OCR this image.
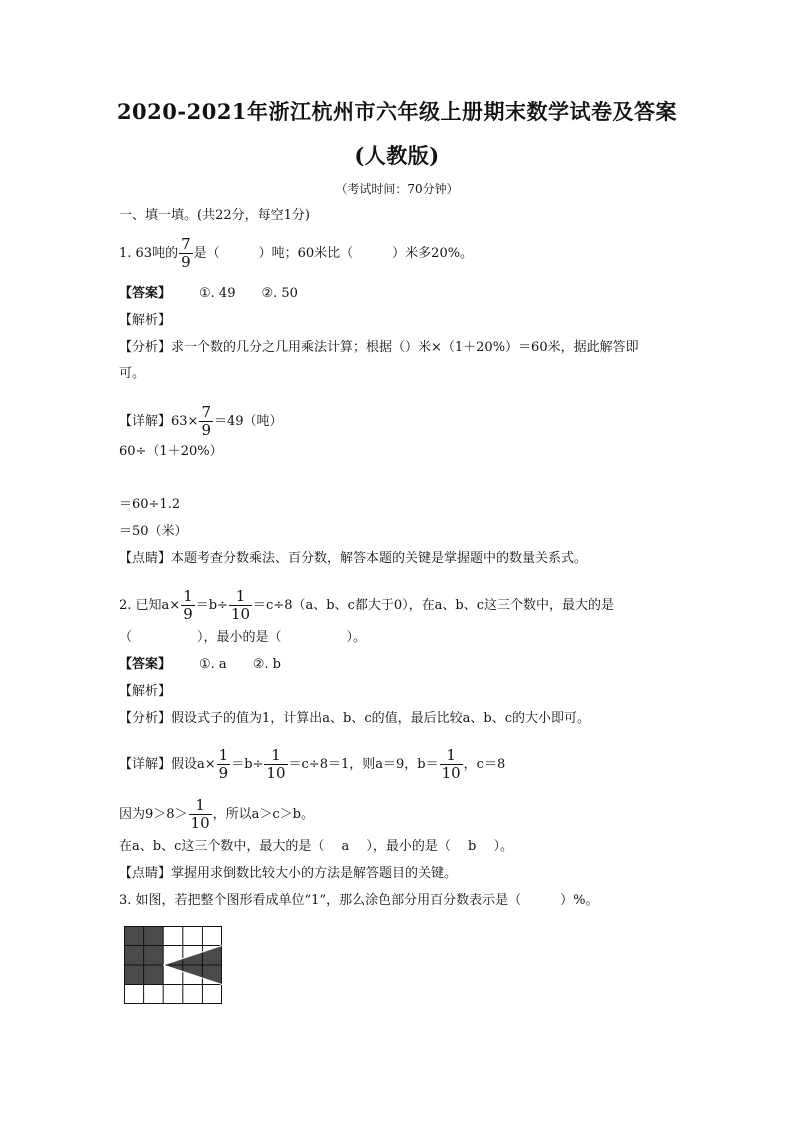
2020-2021年浙江杭州市六年级上册期末数学试卷及答案
(人教版)
（考试时间：70分钟）
一、填一填。(共22分，每空1分)
1. 63吨的 $\frac{7}{9}$ 是（　　　）吨；60米比（　　　）米多20%。
【答案】 ①. 49 ②. 50
【解析】
【分析】求一个数的几分之几用乘法计算；根据（）米×（1＋20%）＝60米，据此解答即
可。
【详解】$63\times \frac{7}{9} =49$（吨）
60÷（1＋20%）
＝60÷1.2
＝50（米）
【点睛】本题考查分数乘法、百分数，解答本题的关键是掌握题中的数量关系式。
2. 已知$a\times \frac{1}{9} =b\div \frac{1}{10} =c\div 8(a$、b、c都大于0），在a、b、c这三个数中，最大的是
（　　　　　），最小的是（　　　　　）。
【答案】 ①. a ②. b
【解析】
【分析】假设式子的值为1，计算出a、b、c的值，最后比较a、b、c的大小即可。
【详解】假设$a\times \frac{1}{9} =b\div \frac{1}{10} =c\div 8=1$，则a＝9，$b= \frac{1}{10}$ ，c＝8
因为$9>8> \frac{1}{10}$ ，所以a＞c＞b。
在a、b、c这三个数中，最大的是（　 a　 ），最小的是（　 b　 ）。
【点睛】掌握用求倒数比较大小的方法是解答题目的关键。
3. 如图，若把整个图形看成单位“1”，那么涂色部分用百分数表示是（　　　）%。
